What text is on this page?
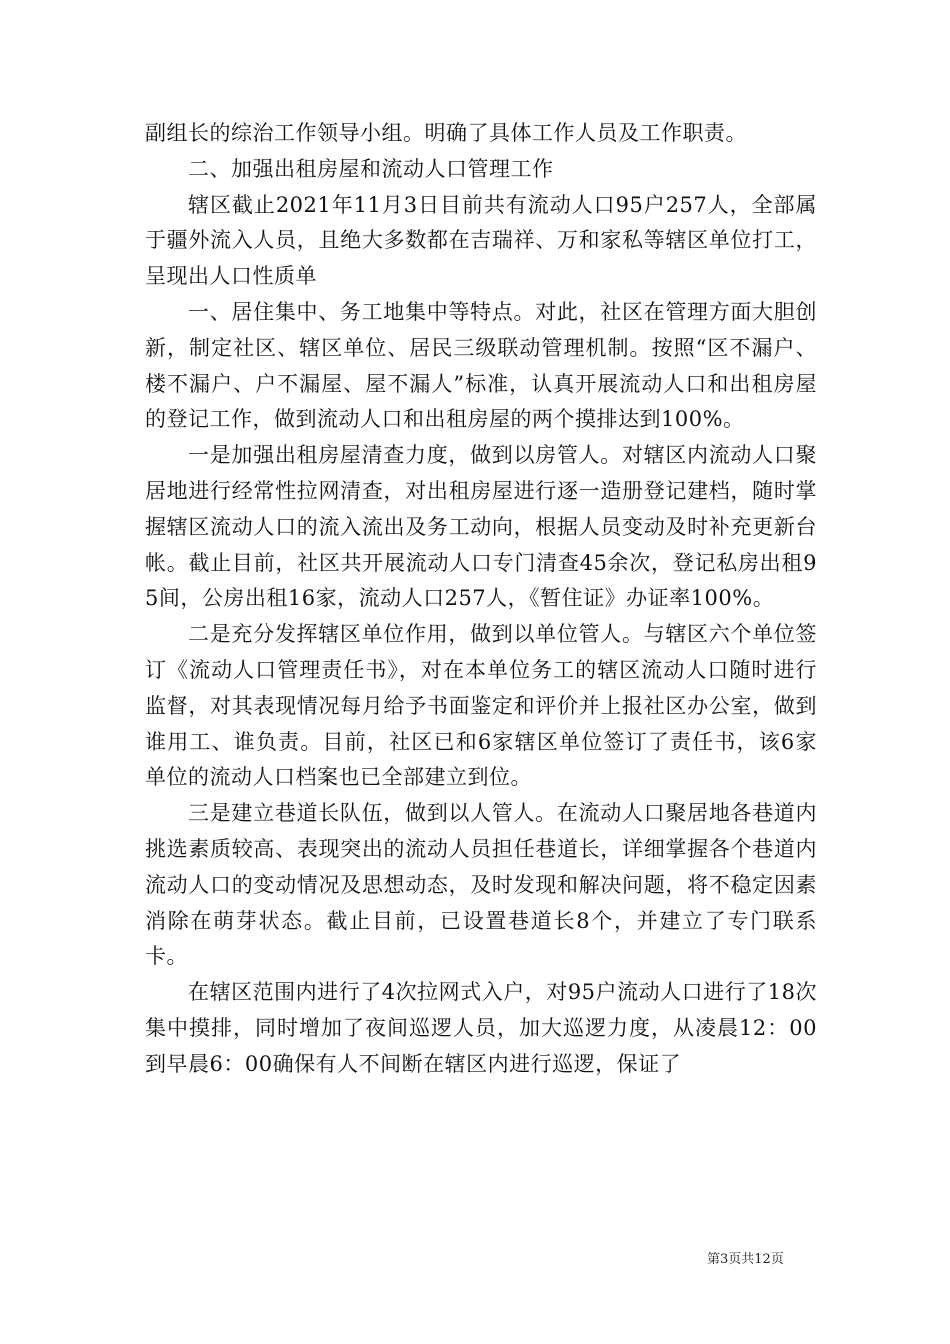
副组长的综治工作领导小组。明确了具体工作人员及工作职责。

二、加强出租房屋和流动人口管理工作

辖区截止2021年11月3日目前共有流动人口95户257人，全部属于疆外流入人员，且绝大多数都在吉瑞祥、万和家私等辖区单位打工，呈现出人口性质单

一、居住集中、务工地集中等特点。对此，社区在管理方面大胆创新，制定社区、辖区单位、居民三级联动管理机制。按照“区不漏户、楼不漏户、户不漏屋、屋不漏人”标准，认真开展流动人口和出租房屋的登记工作，做到流动人口和出租房屋的两个摸排达到100%。

一是加强出租房屋清查力度，做到以房管人。对辖区内流动人口聚居地进行经常性拉网清查，对出租房屋进行逐一造册登记建档，随时掌握辖区流动人口的流入流出及务工动向，根据人员变动及时补充更新台帐。截止目前，社区共开展流动人口专门清查45余次，登记私房出租95间，公房出租16家，流动人口257人，《暂住证》办证率100%。

二是充分发挥辖区单位作用，做到以单位管人。与辖区六个单位签订《流动人口管理责任书》，对在本单位务工的辖区流动人口随时进行监督，对其表现情况每月给予书面鉴定和评价并上报社区办公室，做到谁用工、谁负责。目前，社区已和6家辖区单位签订了责任书，该6家单位的流动人口档案也已全部建立到位。

三是建立巷道长队伍，做到以人管人。在流动人口聚居地各巷道内挑选素质较高、表现突出的流动人员担任巷道长，详细掌握各个巷道内流动人口的变动情况及思想动态，及时发现和解决问题，将不稳定因素消除在萌芽状态。截止目前，已设置巷道长8个，并建立了专门联系卡。

在辖区范围内进行了4次拉网式入户，对95户流动人口进行了18次集中摸排，同时增加了夜间巡逻人员，加大巡逻力度，从凌晨12：00到早晨6：00确保有人不间断在辖区内进行巡逻，保证了

第3页共12页
